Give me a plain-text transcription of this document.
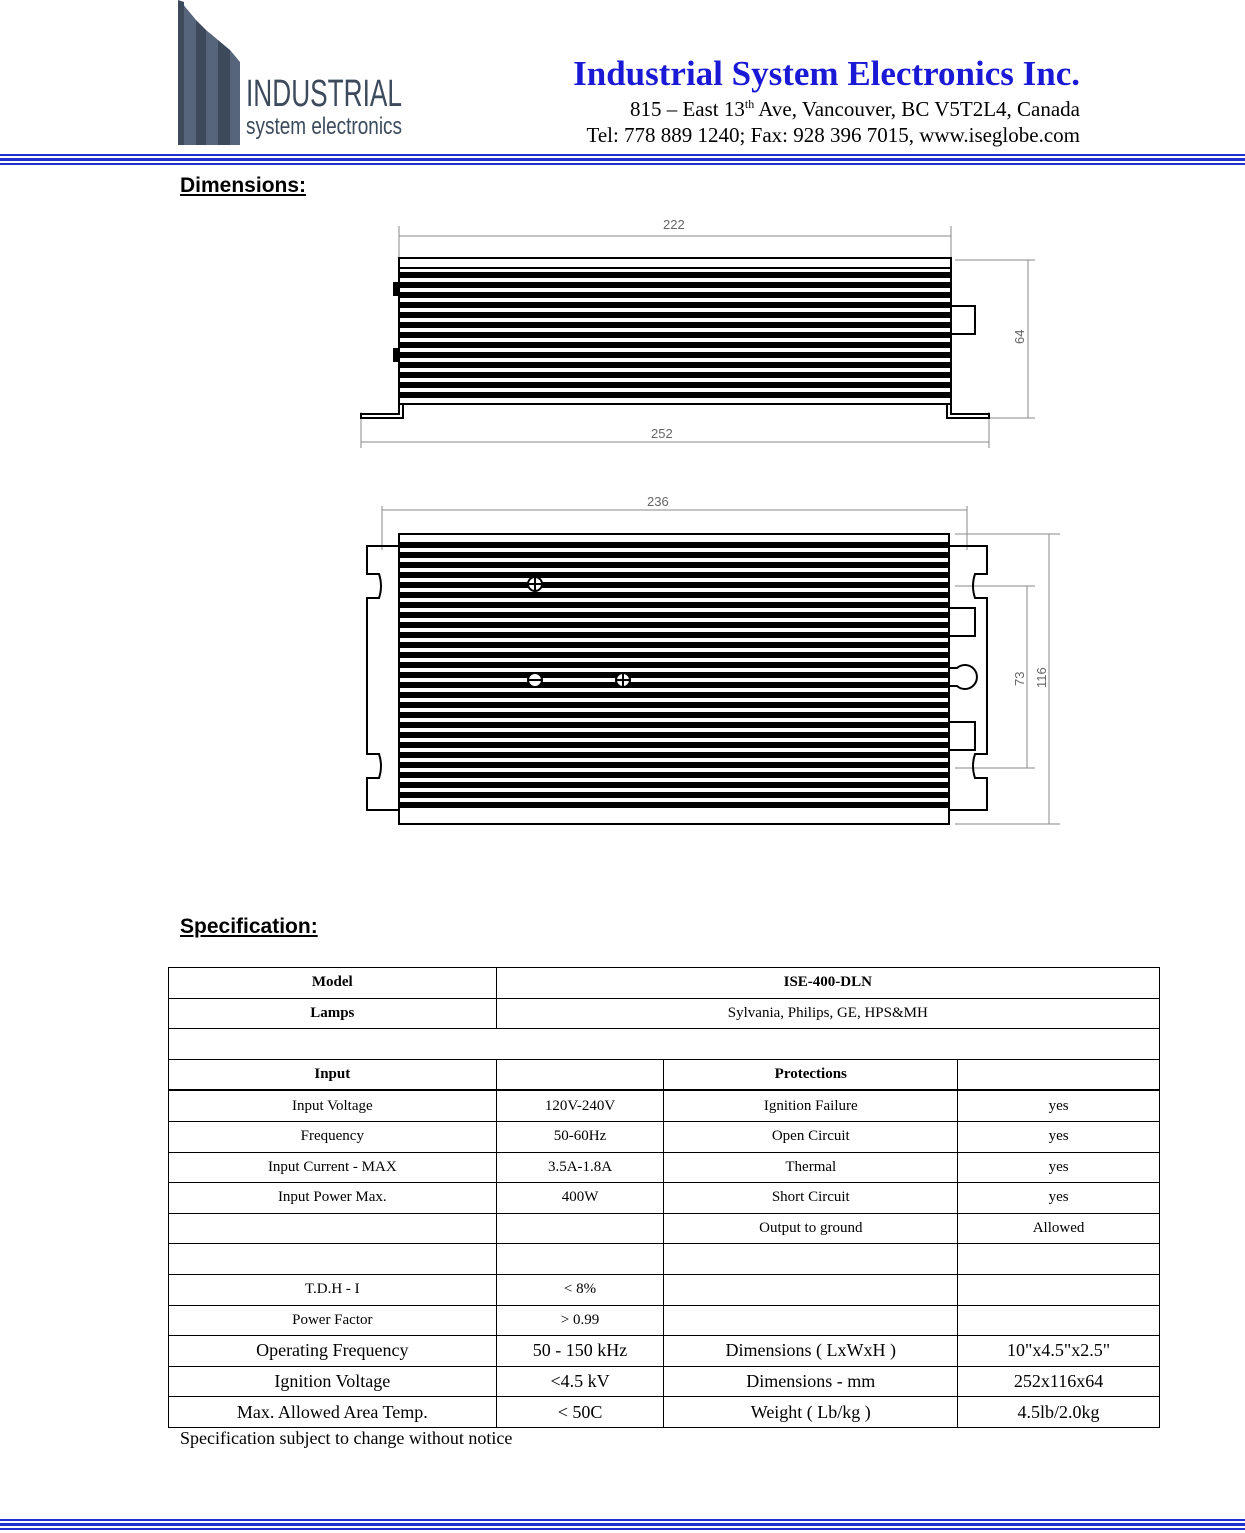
INDUSTRIAL
system electronics
Industrial System Electronics Inc.
815 – East 13th Ave, Vancouver, BC V5T2L4, Canada
Tel: 778 889 1240; Fax: 928 396 7015, www.iseglobe.com
Dimensions:
222
252
64
236
73 116
Specification:
Model	ISE-400-DLN		
Lamps	Sylvania, Philips, GE, HPS&MH		

Input		Protections	
Input Voltage	120V-240V	Ignition Failure	yes
Frequency	50-60Hz	Open Circuit	yes
Input Current - MAX	3.5A-1.8A	Thermal	yes
Input Power Max.	400W	Short Circuit	yes
		Output to ground	Allowed

T.D.H - I	< 8%		
Power Factor	> 0.99		
Operating Frequency	50 - 150 kHz	Dimensions ( LxWxH )	10"x4.5"x2.5"
Ignition Voltage	<4.5 kV	Dimensions - mm	252x116x64
Max. Allowed Area Temp.	< 50C	Weight ( Lb/kg )	4.5lb/2.0kg
Specification subject to change without notice
